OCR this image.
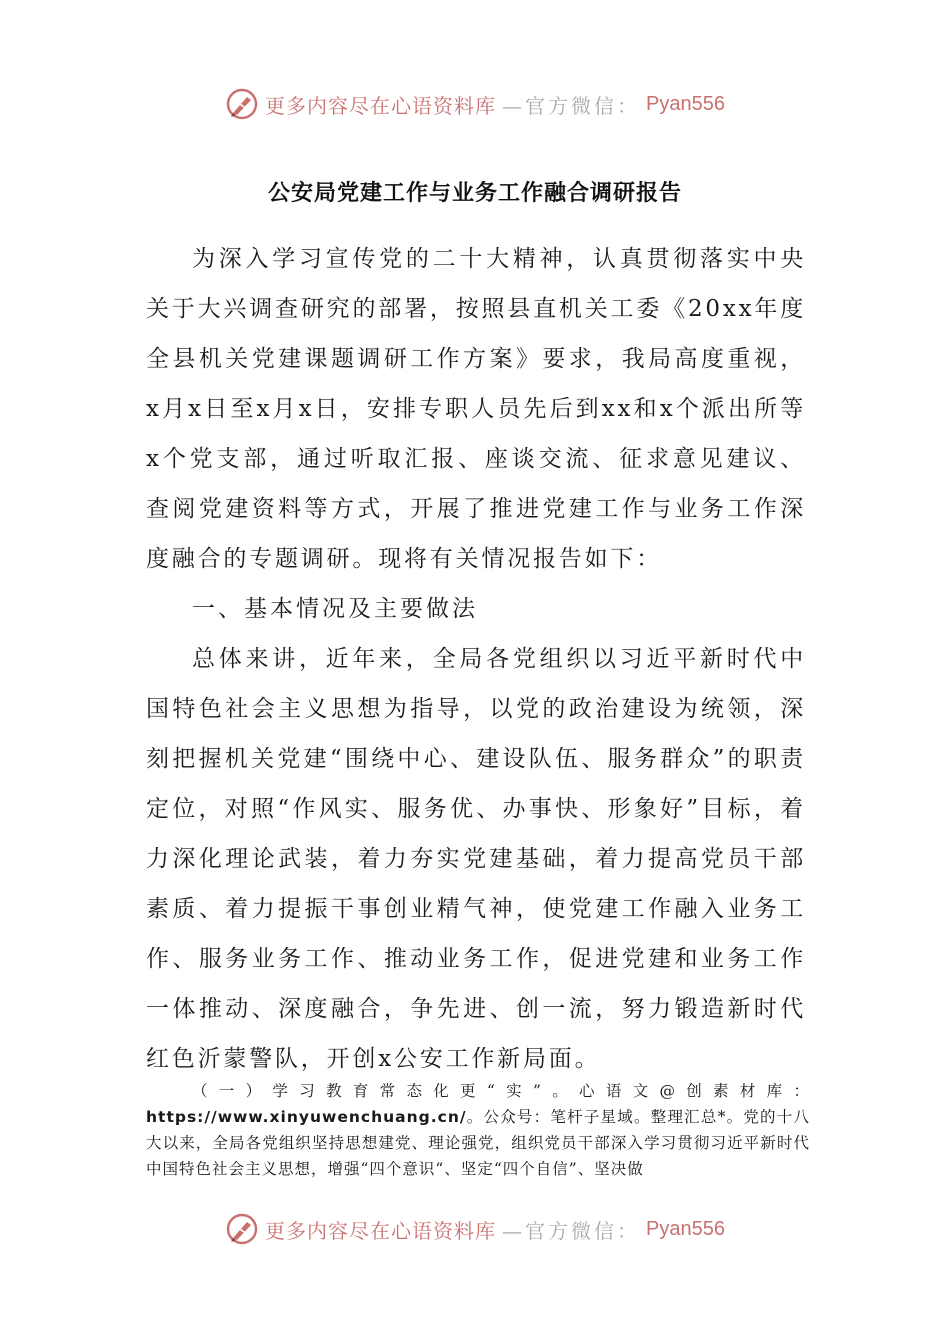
更多内容尽在心语资料库 —官方微信： Pyan556
公安局党建工作与业务工作融合调研报告

为深入学习宣传党的二十大精神，认真贯彻落实中央关于大兴调查研究的部署，按照县直机关工委《20xx年度全县机关党建课题调研工作方案》要求，我局高度重视，x月x日至x月x日，安排专职人员先后到xx和x个派出所等x个党支部，通过听取汇报、座谈交流、征求意见建议、查阅党建资料等方式，开展了推进党建工作与业务工作深度融合的专题调研。现将有关情况报告如下：

一、基本情况及主要做法

总体来讲，近年来，全局各党组织以习近平新时代中国特色社会主义思想为指导，以党的政治建设为统领，深刻把握机关党建“围绕中心、建设队伍、服务群众”的职责定位，对照“作风实、服务优、办事快、形象好”目标，着力深化理论武装，着力夯实党建基础，着力提高党员干部素质、着力提振干事创业精气神，使党建工作融入业务工作、服务业务工作、推动业务工作，促进党建和业务工作一体推动、深度融合，争先进、创一流，努力锻造新时代红色沂蒙警队，开创x公安工作新局面。

（一）学习教育常态化更“实”。心语文@创素材库：https://www.xinyuwenchuang.cn/。公众号：笔杆子星域。整理汇总*。党的十八大以来，全局各党组织坚持思想建党、理论强党，组织党员干部深入学习贯彻习近平新时代中国特色社会主义思想，增强“四个意识“、坚定“四个自信”、坚决做

更多内容尽在心语资料库 —官方微信： Pyan556
